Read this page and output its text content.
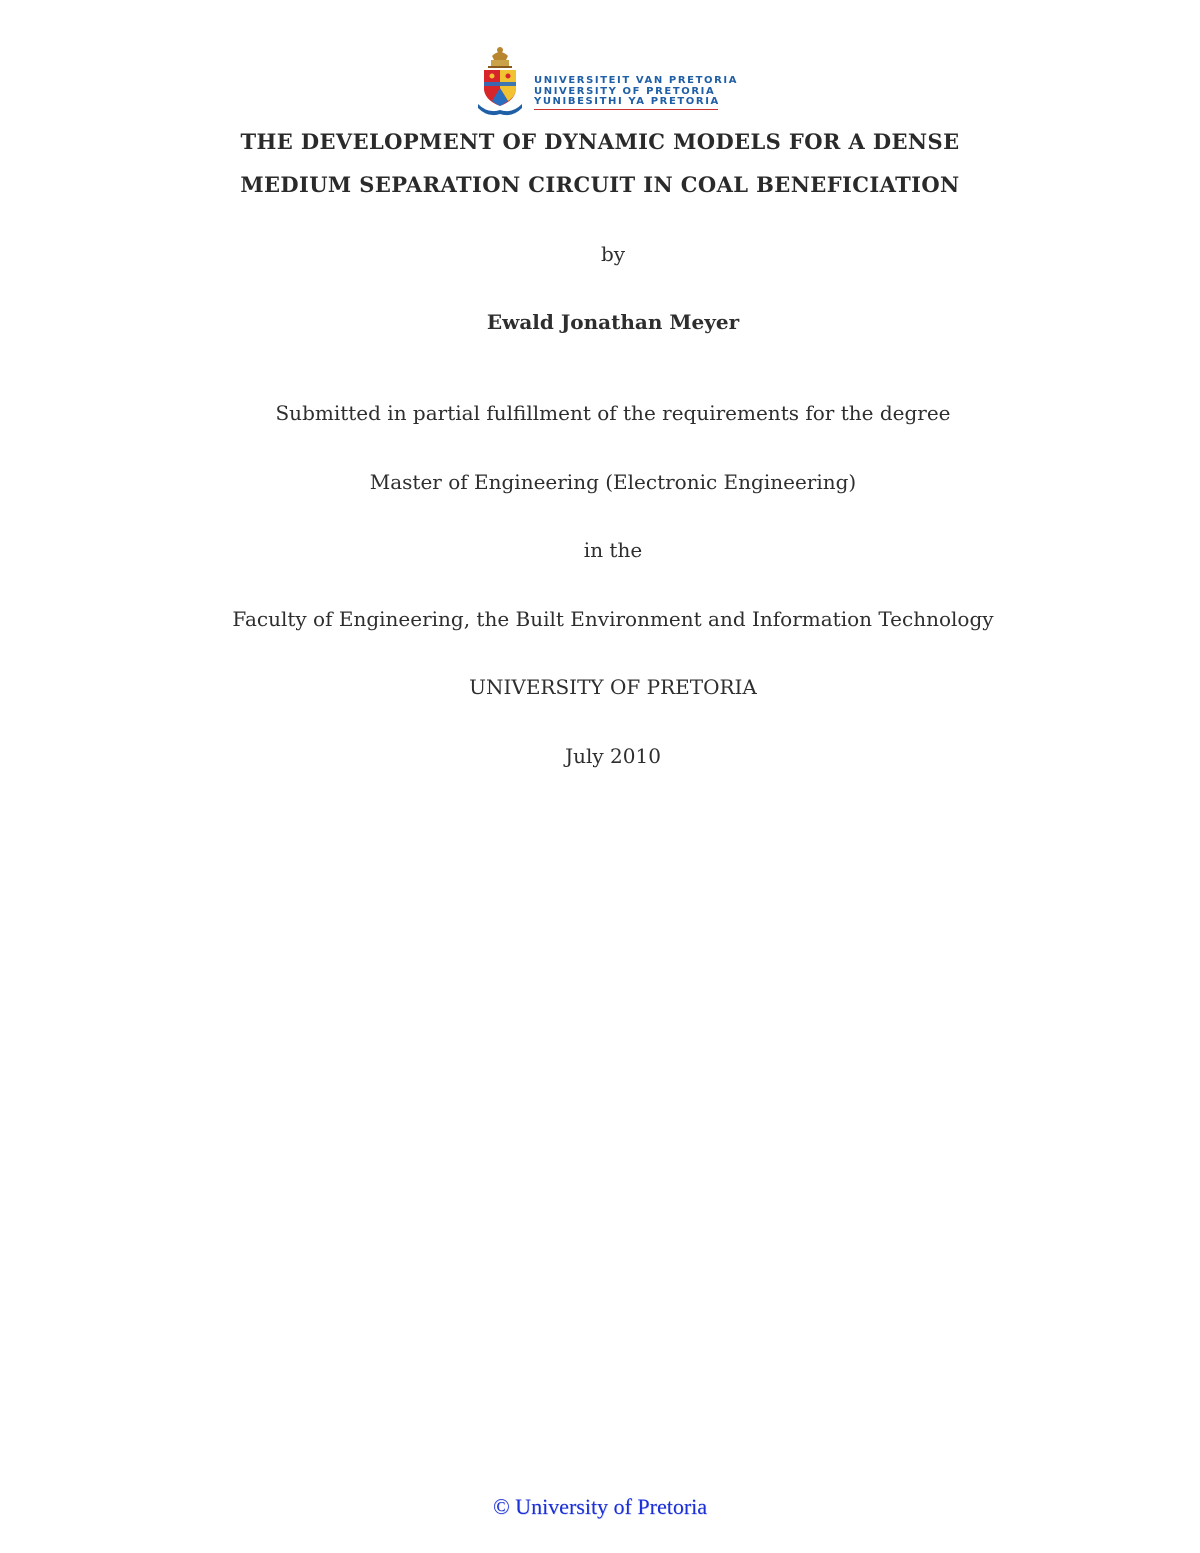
UNIVERSITEIT VAN PRETORIA
UNIVERSITY OF PRETORIA
YUNIBESITHI YA PRETORIA
THE DEVELOPMENT OF DYNAMIC MODELS FOR A DENSE
MEDIUM SEPARATION CIRCUIT IN COAL BENEFICIATION
by
Ewald Jonathan Meyer
Submitted in partial fulfillment of the requirements for the degree
Master of Engineering (Electronic Engineering)
in the
Faculty of Engineering, the Built Environment and Information Technology
UNIVERSITY OF PRETORIA
July 2010
© University of Pretoria
